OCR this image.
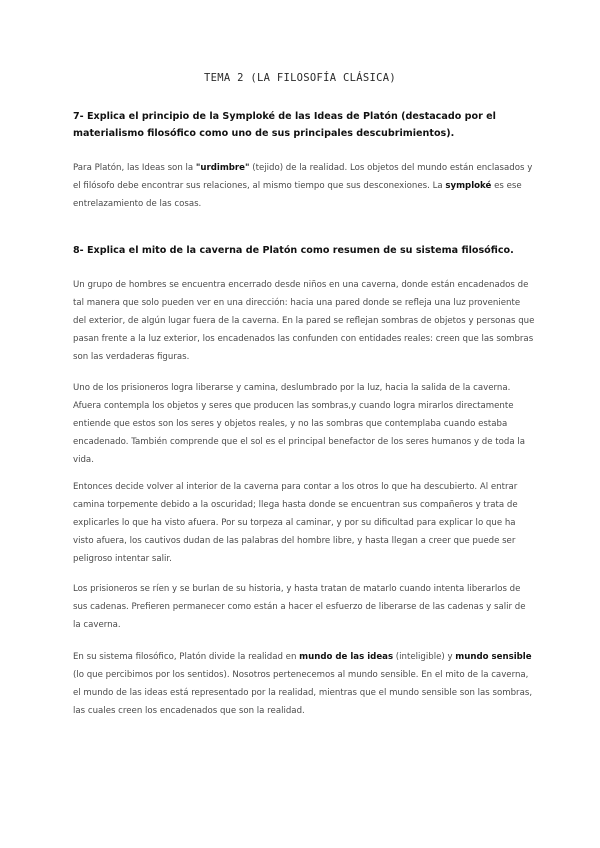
TEMA 2 (LA FILOSOFÍA CLÁSICA)
7- Explica el principio de la Symploké de las Ideas de Platón (destacado por el materialismo filosófico como uno de sus principales descubrimientos).
Para Platón, las Ideas son la "urdimbre" (tejido) de la realidad. Los objetos del mundo están enclasados y el filósofo debe encontrar sus relaciones, al mismo tiempo que sus desconexiones. La symploké es ese entrelazamiento de las cosas.
8- Explica el mito de la caverna de Platón como resumen de su sistema filosófico.
Un grupo de hombres se encuentra encerrado desde niños en una caverna, donde están encadenados de tal manera que solo pueden ver en una dirección: hacia una pared donde se refleja una luz proveniente del exterior, de algún lugar fuera de la caverna. En la pared se reflejan sombras de objetos y personas que pasan frente a la luz exterior, los encadenados las confunden con entidades reales: creen que las sombras son las verdaderas figuras.
Uno de los prisioneros logra liberarse y camina, deslumbrado por la luz, hacia la salida de la caverna. Afuera contempla los objetos y seres que producen las sombras,y cuando logra mirarlos directamente entiende que estos son los seres y objetos reales, y no las sombras que contemplaba cuando estaba encadenado. También comprende que el sol es el principal benefactor de los seres humanos y de toda la vida.
Entonces decide volver al interior de la caverna para contar a los otros lo que ha descubierto. Al entrar camina torpemente debido a la oscuridad; llega hasta donde se encuentran sus compañeros y trata de explicarles lo que ha visto afuera. Por su torpeza al caminar, y por su dificultad para explicar lo que ha visto afuera, los cautivos dudan de las palabras del hombre libre, y hasta llegan a creer que puede ser peligroso intentar salir.
Los prisioneros se ríen y se burlan de su historia, y hasta tratan de matarlo cuando intenta liberarlos de sus cadenas. Prefieren permanecer como están a hacer el esfuerzo de liberarse de las cadenas y salir de la caverna.
En su sistema filosófico, Platón divide la realidad en mundo de las ideas (inteligible) y mundo sensible (lo que percibimos por los sentidos). Nosotros pertenecemos al mundo sensible. En el mito de la caverna, el mundo de las ideas está representado por la realidad, mientras que el mundo sensible son las sombras, las cuales creen los encadenados que son la realidad.
